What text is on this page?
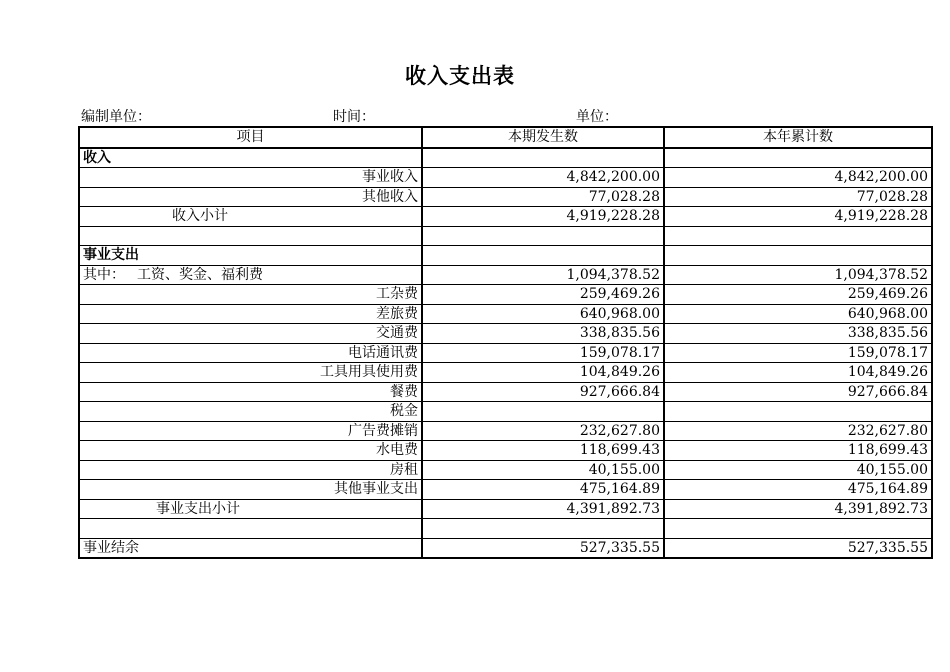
收入支出表
编制单位：	时间：	单位：
项目	本期发生数	本年累计数
收入		
事业收入	4,842,200.00	4,842,200.00
其他收入	77,028.28	77,028.28
收入小计	4,919,228.28	4,919,228.28

事业支出		
其中： 工资、奖金、福利费	1,094,378.52	1,094,378.52
工杂费	259,469.26	259,469.26
差旅费	640,968.00	640,968.00
交通费	338,835.56	338,835.56
电话通讯费	159,078.17	159,078.17
工具用具使用费	104,849.26	104,849.26
餐费	927,666.84	927,666.84
税金		
广告费摊销	232,627.80	232,627.80
水电费	118,699.43	118,699.43
房租	40,155.00	40,155.00
其他事业支出	475,164.89	475,164.89
事业支出小计	4,391,892.73	4,391,892.73

事业结余	527,335.55	527,335.55
